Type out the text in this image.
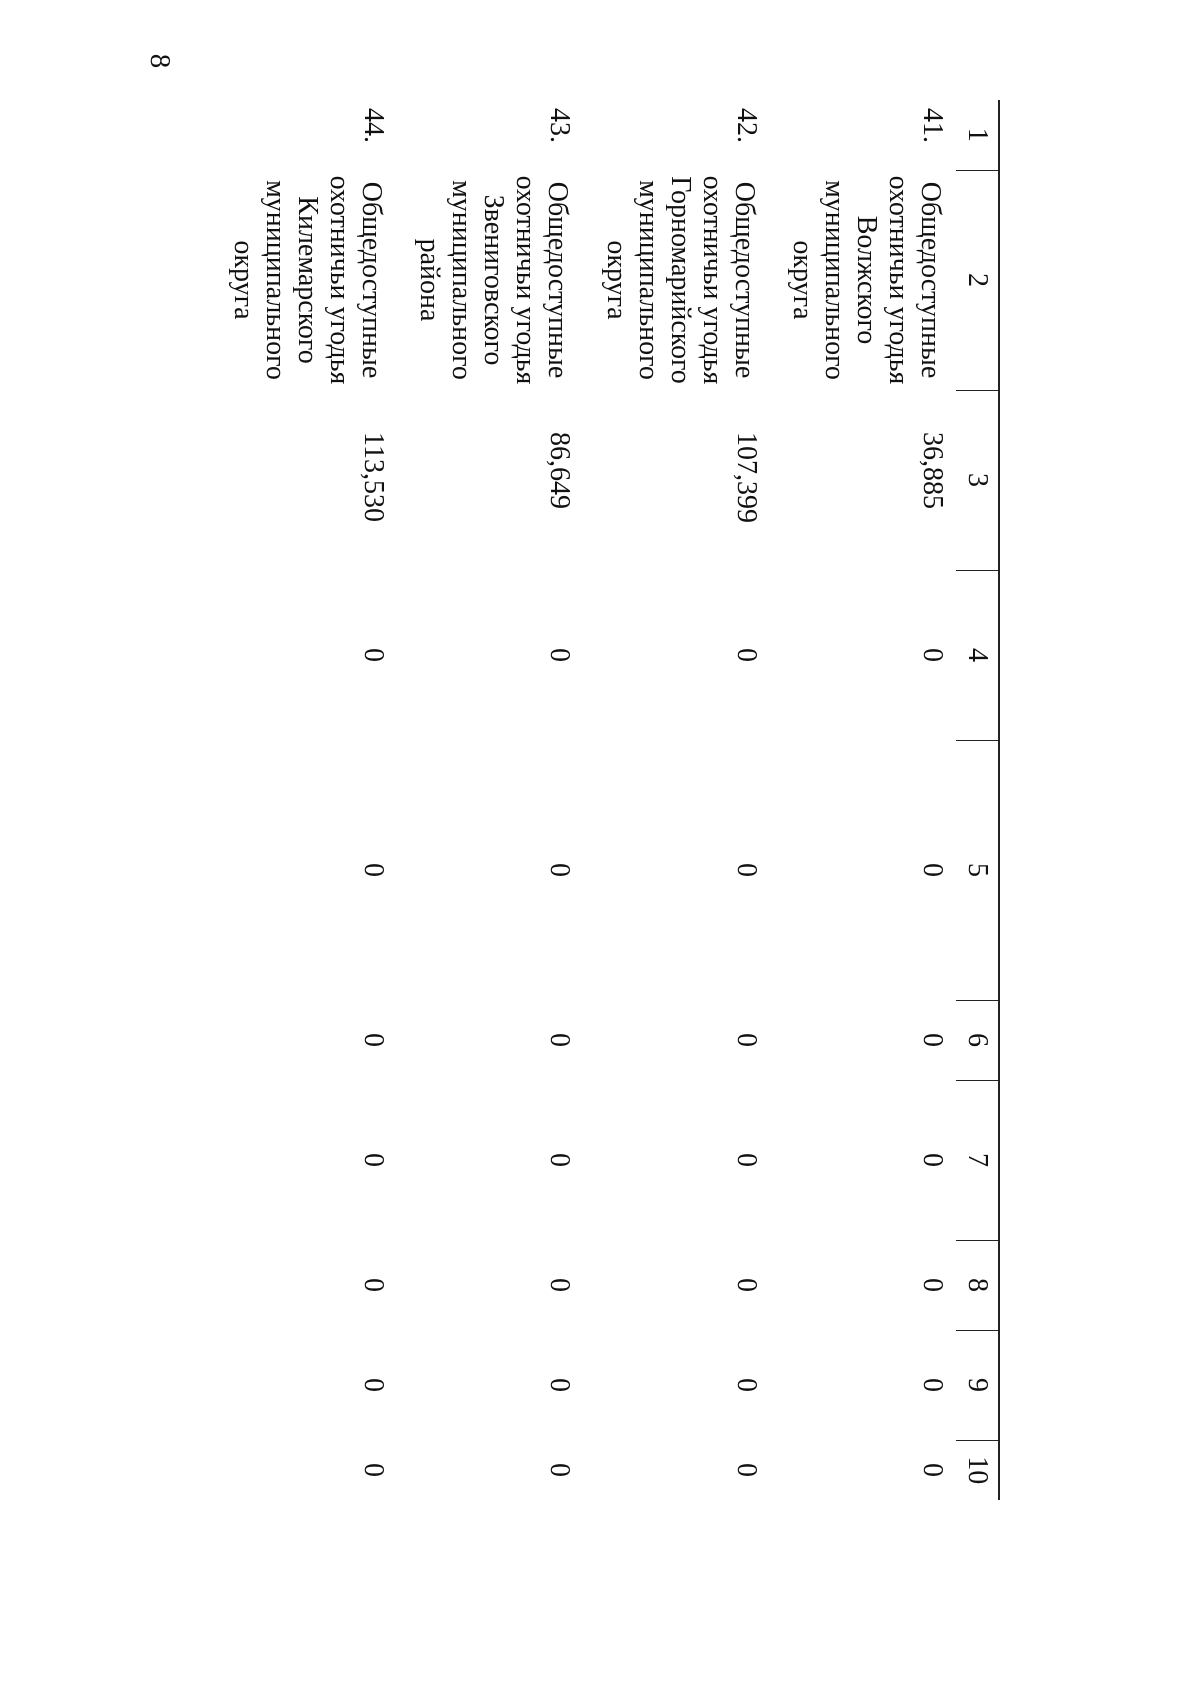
8
1	2	3	4	5	6	7	8	9	10
41.	Общедоступные
охотничьи угодья
Волжского
муниципального
округа	36,885	0	0	0	0	0	0	0
42.	Общедоступные
охотничьи угодья
Горномарийского
муниципального
округа	107,399	0	0	0	0	0	0	0
43.	Общедоступные
охотничьи угодья
Звениговского
муниципального
района	86,649	0	0	0	0	0	0	0
44.	Общедоступные
охотничьи угодья
Килемарского
муниципального
округа	113,530	0	0	0	0	0	0	0
